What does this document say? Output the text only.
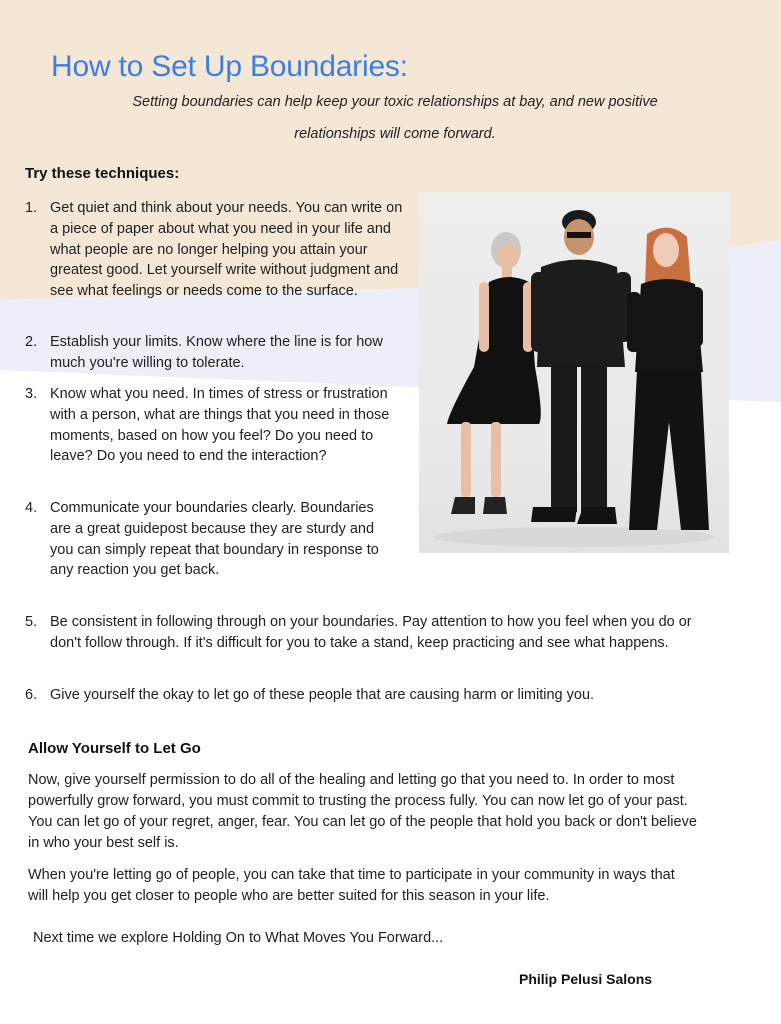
How to Set Up Boundaries:

Setting boundaries can help keep your toxic relationships at bay, and new positive relationships will come forward.

Try these techniques:
1. Get quiet and think about your needs. You can write on a piece of paper about what you need in your life and what people are no longer helping you attain your greatest good. Let yourself write without judgment and see what feelings or needs come to the surface.
2. Establish your limits. Know where the line is for how much you're willing to tolerate.
3. Know what you need. In times of stress or frustration with a person, what are things that you need in those moments, based on how you feel? Do you need to leave? Do you need to end the interaction?
4. Communicate your boundaries clearly. Boundaries are a great guidepost because they are sturdy and you can simply repeat that boundary in response to any reaction you get back.
5. Be consistent in following through on your boundaries. Pay attention to how you feel when you do or don't follow through. If it's difficult for you to take a stand, keep practicing and see what happens.
6. Give yourself the okay to let go of these people that are causing harm or limiting you.
Allow Yourself to Let Go

Now, give yourself permission to do all of the healing and letting go that you need to. In order to most powerfully grow forward, you must commit to trusting the process fully. You can now let go of your past. You can let go of your regret, anger, fear. You can let go of the people that hold you back or don't believe in who your best self is.

When you're letting go of people, you can take that time to participate in your community in ways that will help you get closer to people who are better suited for this season in your life.

Next time we explore Holding On to What Moves You Forward...

Philip Pelusi Salons
